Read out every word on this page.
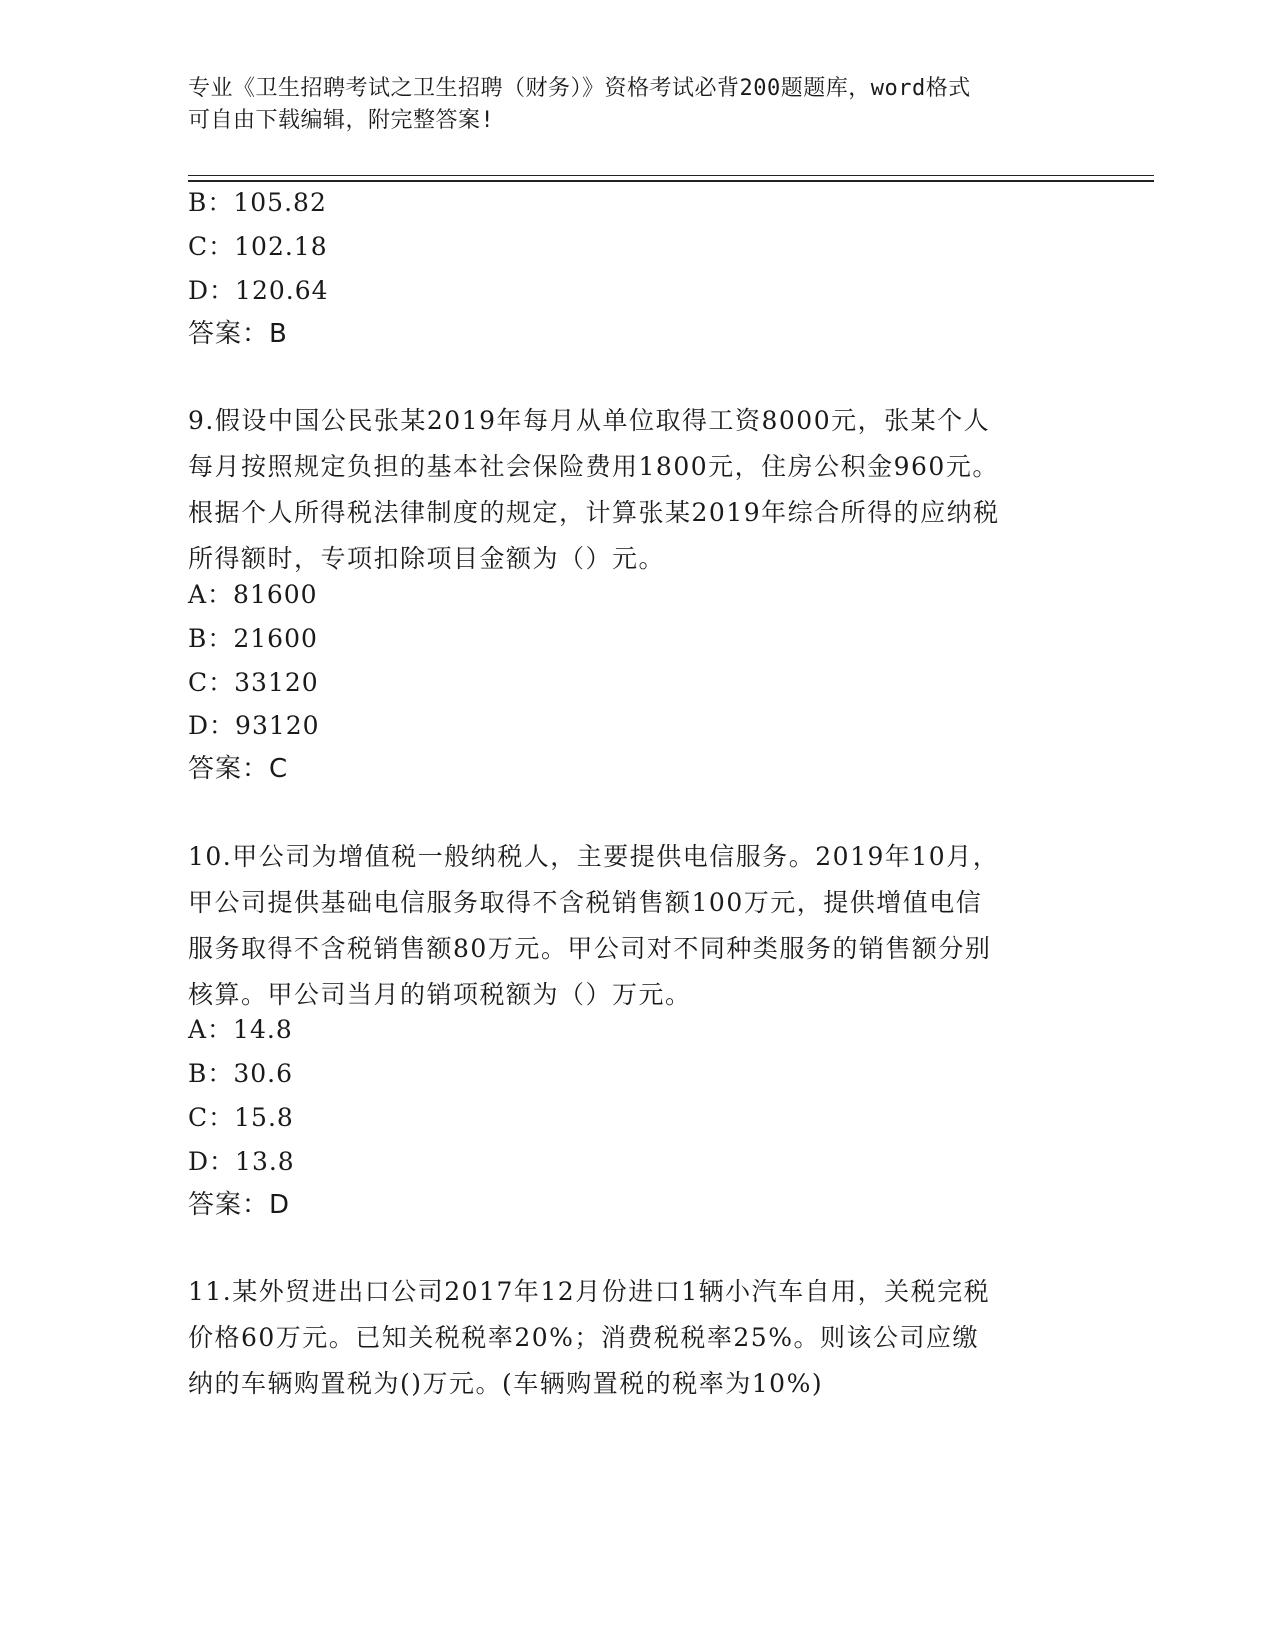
专业《卫生招聘考试之卫生招聘（财务）》资格考试必背200题题库，word格式
可自由下载编辑，附完整答案!
B：105.82
C：102.18
D：120.64
答案：B
9.假设中国公民张某2019年每月从单位取得工资8000元，张某个人
每月按照规定负担的基本社会保险费用1800元，住房公积金960元。
根据个人所得税法律制度的规定，计算张某2019年综合所得的应纳税
所得额时，专项扣除项目金额为（）元。
A：81600
B：21600
C：33120
D：93120
答案：C
10.甲公司为增值税一般纳税人，主要提供电信服务。2019年10月，
甲公司提供基础电信服务取得不含税销售额100万元，提供增值电信
服务取得不含税销售额80万元。甲公司对不同种类服务的销售额分别
核算。甲公司当月的销项税额为（）万元。
A：14.8
B：30.6
C：15.8
D：13.8
答案：D
11.某外贸进出口公司2017年12月份进口1辆小汽车自用，关税完税
价格60万元。已知关税税率20%；消费税税率25%。则该公司应缴
纳的车辆购置税为()万元。(车辆购置税的税率为10%)
